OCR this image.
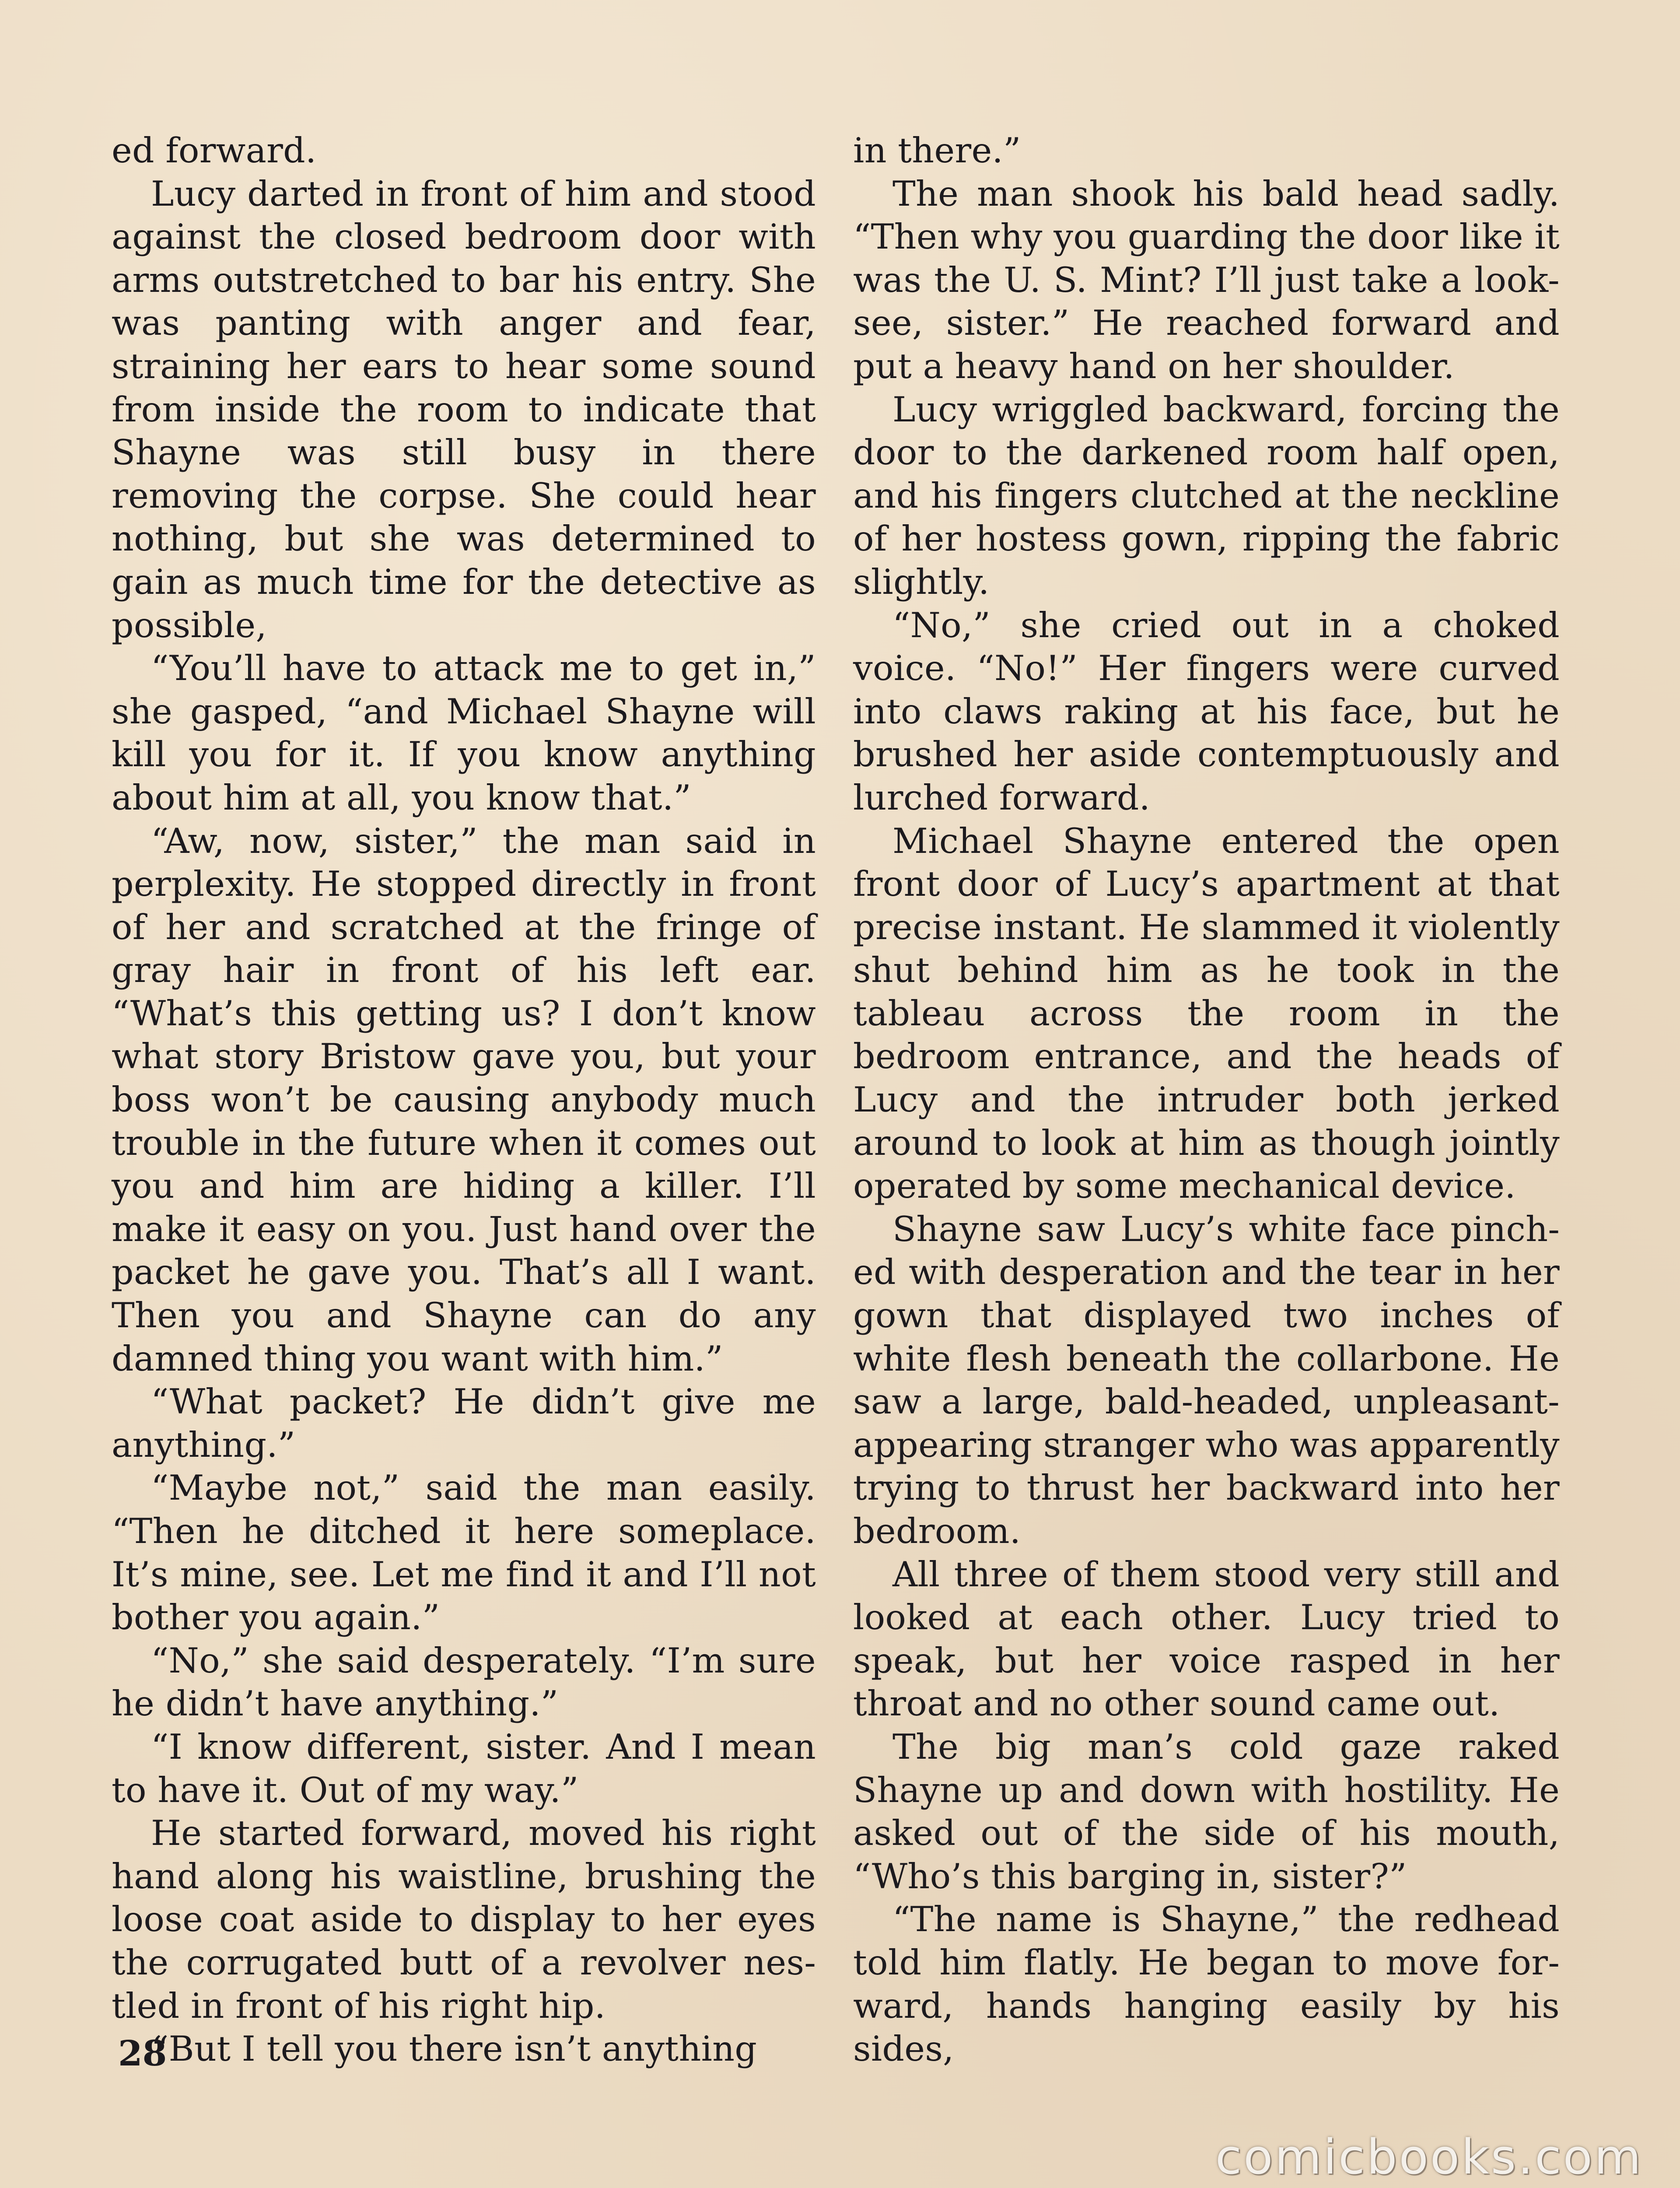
ed forward.

Lucy darted in front of him and stood against the closed bedroom door with arms outstretched to bar his entry. She was panting with anger and fear, straining her ears to hear some sound from inside the room to indicate that Shayne was still busy in there removing the corpse. She could hear nothing, but she was determined to gain as much time for the detective as possible,

“You’ll have to attack me to get in,” she gasped, “and Michael Shayne will kill you for it. If you know anything about him at all, you know that.”

“Aw, now, sister,” the man said in perplexity. He stopped directly in front of her and scratched at the fringe of gray hair in front of his left ear. “What’s this getting us? I don’t know what story Bristow gave you, but your boss won’t be causing anybody much trouble in the future when it comes out you and him are hiding a killer. I’ll make it easy on you. Just hand over the packet he gave you. That’s all I want. Then you and Shayne can do any damned thing you want with him.”

“What packet? He didn’t give me anything.”

“Maybe not,” said the man easily. “Then he ditched it here someplace. It’s mine, see. Let me find it and I’ll not bother you again.”

“No,” she said desperately. “I’m sure he didn’t have anything.”

“I know different, sister. And I mean to have it. Out of my way.”

He started forward, moved his right hand along his waistline, brushing the loose coat aside to display to her eyes the corrugated butt of a revolver nestled in front of his right hip.

“But I tell you there isn’t anything

in there.”

The man shook his bald head sadly. “Then why you guarding the door like it was the U. S. Mint? I’ll just take a look-see, sister.” He reached forward and put a heavy hand on her shoulder.

Lucy wriggled backward, forcing the door to the darkened room half open, and his fingers clutched at the neckline of her hostess gown, ripping the fabric slightly.

“No,” she cried out in a choked voice. “No!” Her fingers were curved into claws raking at his face, but he brushed her aside contemptuously and lurched forward.

Michael Shayne entered the open front door of Lucy’s apartment at that precise instant. He slammed it violently shut behind him as he took in the tableau across the room in the bedroom entrance, and the heads of Lucy and the intruder both jerked around to look at him as though jointly operated by some mechanical device.

Shayne saw Lucy’s white face pinched with desperation and the tear in her gown that displayed two inches of white flesh beneath the collarbone. He saw a large, bald-headed, unpleasant-appearing stranger who was apparently trying to thrust her backward into her bedroom.

All three of them stood very still and looked at each other. Lucy tried to speak, but her voice rasped in her throat and no other sound came out.

The big man’s cold gaze raked Shayne up and down with hostility. He asked out of the side of his mouth, “Who’s this barging in, sister?”

“The name is Shayne,” the redhead told him flatly. He began to move forward, hands hanging easily by his sides,

28
comicbooks.com
